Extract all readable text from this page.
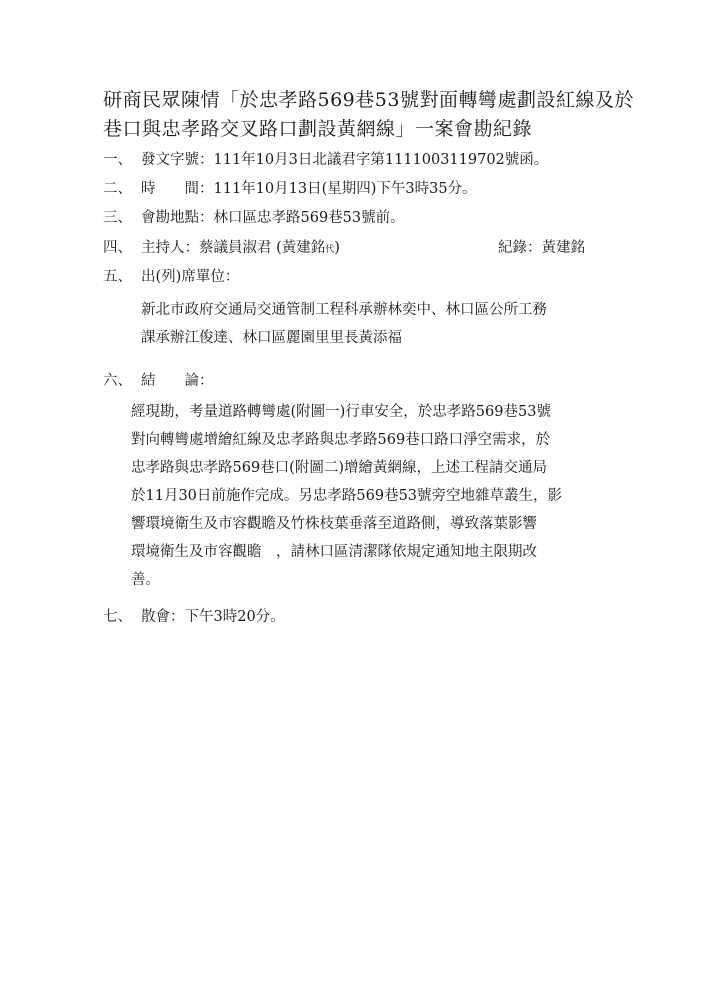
研商民眾陳情「於忠孝路569巷53號對面轉彎處劃設紅線及於
巷口與忠孝路交叉路口劃設黃網線」一案會勘紀錄
一、 發文字號：111年10月3日北議君字第1111003119702號函。
二、 時　　間：111年10月13日(星期四)下午3時35分。
三、 會勘地點：林口區忠孝路569巷53號前。
四、 主持人：蔡議員淑君 (黃建銘代)	紀錄：黃建銘
五、 出(列)席單位：
新北市政府交通局交通管制工程科承辦林奕中、林口區公所工務
課承辦江俊達、林口區麗園里里長黃添福
六、 結　　論：
經現勘，考量道路轉彎處(附圖一)行車安全，於忠孝路569巷53號
對向轉彎處增繪紅線及忠孝路與忠孝路569巷口路口淨空需求，於
忠孝路與忠孝路569巷口(附圖二)增繪黃網線，上述工程請交通局
於11月30日前施作完成。另忠孝路569巷53號旁空地雜草叢生，影
響環境衛生及市容觀瞻及竹株枝葉垂落至道路側，導致落葉影響
環境衛生及市容觀瞻　，請林口區清潔隊依規定通知地主限期改
善。
七、 散會：下午3時20分。
